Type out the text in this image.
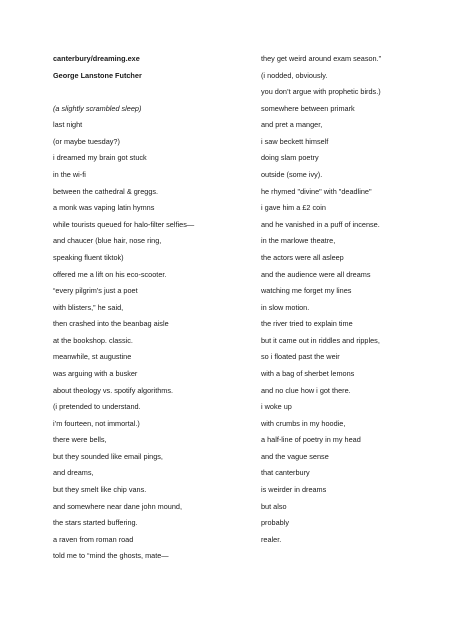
canterbury/dreaming.exe
George Lanstone Futcher
(a slightly scrambled sleep)
last night
(or maybe tuesday?)
i dreamed my brain got stuck
in the wi-fi
between the cathedral & greggs.
a monk was vaping latin hymns
while tourists queued for halo-filter selfies—
and chaucer (blue hair, nose ring,
speaking fluent tiktok)
offered me a lift on his eco-scooter.
“every pilgrim’s just a poet
with blisters,” he said,
then crashed into the beanbag aisle
at the bookshop. classic.
meanwhile, st augustine
was arguing with a busker
about theology vs. spotify algorithms.
(i pretended to understand.
i’m fourteen, not immortal.)
there were bells,
but they sounded like email pings,
and dreams,
but they smelt like chip vans.
and somewhere near dane john mound,
the stars started buffering.
a raven from roman road
told me to “mind the ghosts, mate—
they get weird around exam season.”
(i nodded, obviously.
you don’t argue with prophetic birds.)
somewhere between primark
and pret a manger,
i saw beckett himself
doing slam poetry
outside (some ivy).
he rhymed "divine" with "deadline"
i gave him a £2 coin
and he vanished in a puff of incense.
in the marlowe theatre,
the actors were all asleep
and the audience were all dreams
watching me forget my lines
in slow motion.
the river tried to explain time
but it came out in riddles and ripples,
so i floated past the weir
with a bag of sherbet lemons
and no clue how i got there.
i woke up
with crumbs in my hoodie,
a half-line of poetry in my head
and the vague sense
that canterbury
is weirder in dreams
but also
probably
realer.
